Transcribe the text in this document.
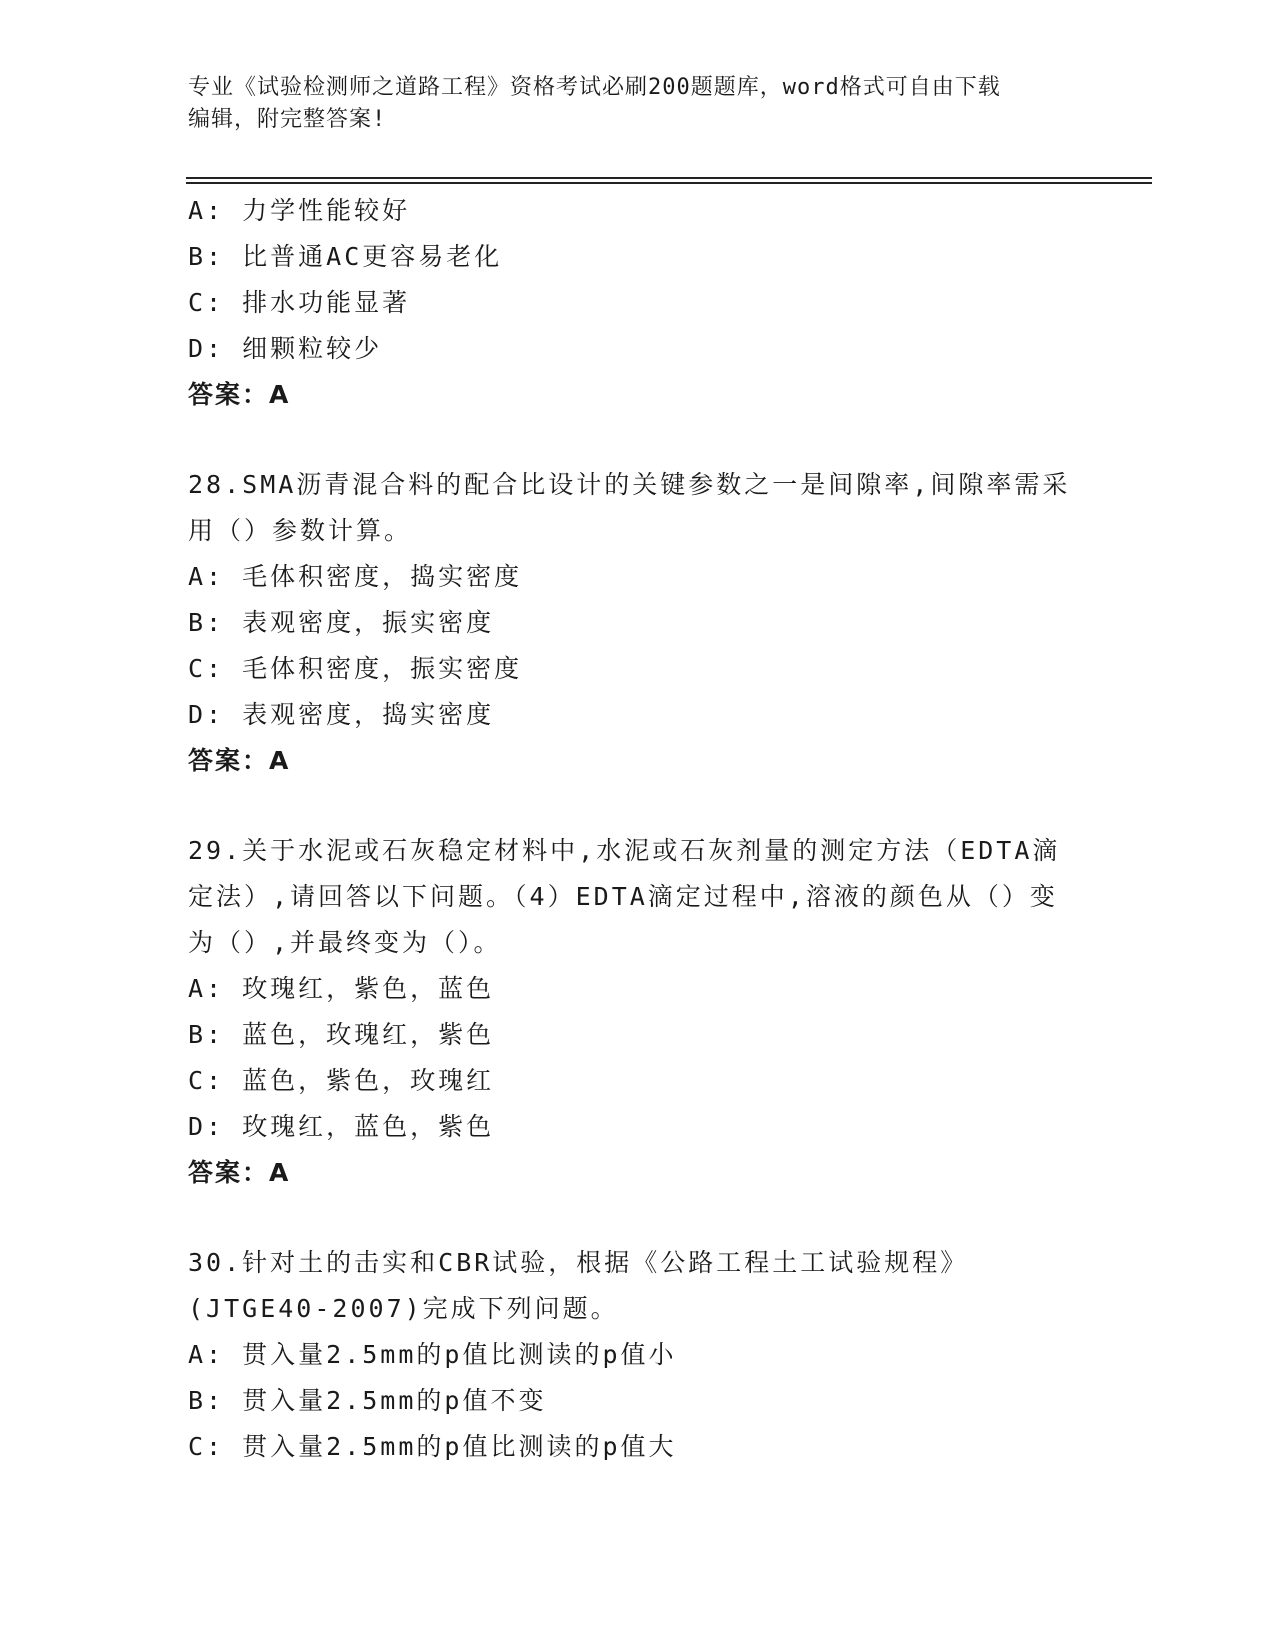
专业《试验检测师之道路工程》资格考试必刷200题题库，word格式可自由下载
编辑，附完整答案!
A: 力学性能较好
B: 比普通AC更容易老化
C: 排水功能显著
D: 细颗粒较少
答案：A
28.SMA沥青混合料的配合比设计的关键参数之一是间隙率,间隙率需采
用（）参数计算。
A: 毛体积密度，捣实密度
B: 表观密度，振实密度
C: 毛体积密度，振实密度
D: 表观密度，捣实密度
答案：A
29.关于水泥或石灰稳定材料中,水泥或石灰剂量的测定方法（EDTA滴
定法）,请回答以下问题。（4）EDTA滴定过程中,溶液的颜色从（）变
为（）,并最终变为（）。
A: 玫瑰红，紫色，蓝色
B: 蓝色，玫瑰红，紫色
C: 蓝色，紫色，玫瑰红
D: 玫瑰红，蓝色，紫色
答案：A
30.针对土的击实和CBR试验，根据《公路工程土工试验规程》
(JTGE40-2007)完成下列问题。
A: 贯入量2.5mm的p值比测读的p值小
B: 贯入量2.5mm的p值不变
C: 贯入量2.5mm的p值比测读的p值大
